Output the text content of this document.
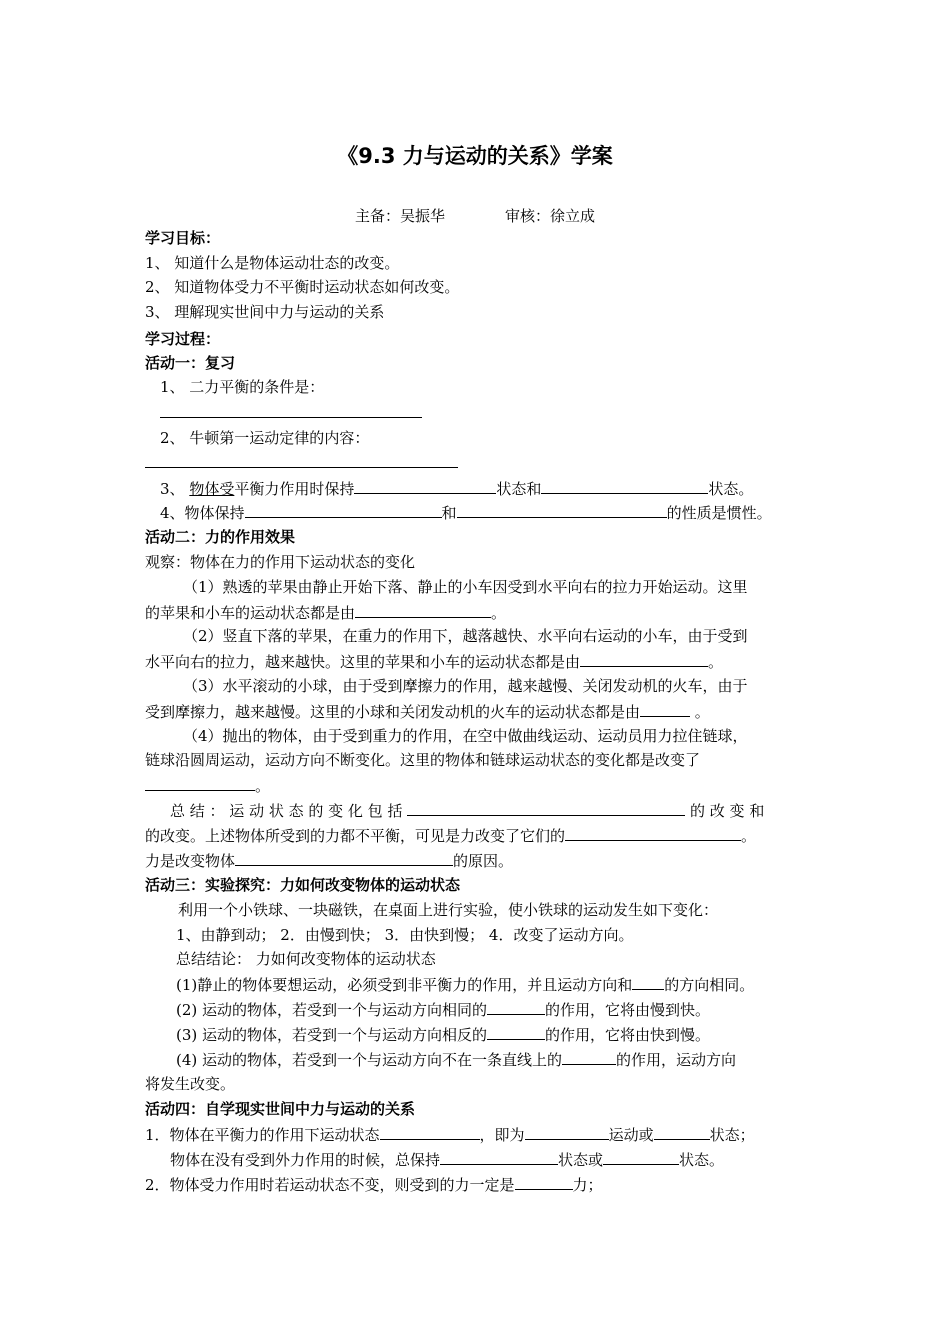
《9.3 力与运动的关系》学案
主备：吴振华	审核：徐立成
学习目标：
1、 知道什么是物体运动壮态的改变。
2、 知道物体受力不平衡时运动状态如何改变。
3、 理解现实世间中力与运动的关系
学习过程：
活动一：复习
1、 二力平衡的条件是：
2、 牛顿第一运动定律的内容：
3、 物体受平衡力作用时保持	状态和	状态。
4、物体保持	和	的性质是惯性。
活动二：力的作用效果
观察：物体在力的作用下运动状态的变化
（1）熟透的苹果由静止开始下落、静止的小车因受到水平向右的拉力开始运动。这里
的苹果和小车的运动状态都是由	。
（2）竖直下落的苹果，在重力的作用下，越落越快、水平向右运动的小车，由于受到
水平向右的拉力，越来越快。这里的苹果和小车的运动状态都是由	。
（3）水平滚动的小球，由于受到摩擦力的作用，越来越慢、关闭发动机的火车，由于
受到摩擦力，越来越慢。这里的小球和关闭发动机的火车的运动状态都是由	。
（4）抛出的物体，由于受到重力的作用，在空中做曲线运动、运动员用力拉住链球，
链球沿圆周运动，运动方向不断变化。这里的物体和链球运动状态的变化都是改变了
。
总 结 ： 运 动 状 态 的 变 化 包 括	的 改 变 和
的改变。上述物体所受到的力都不平衡，可见是力改变了它们的	。
力是改变物体	的原因。
活动三：实验探究：力如何改变物体的运动状态
利用一个小铁球、一块磁铁，在桌面上进行实验，使小铁球的运动发生如下变化：
1、由静到动； 2．由慢到快； 3．由快到慢； 4．改变了运动方向。
总结结论： 力如何改变物体的运动状态
(1)静止的物体要想运动，必须受到非平衡力的作用，并且运动方向和 的方向相同。
(2) 运动的物体，若受到一个与运动方向相同的	的作用，它将由慢到快。
(3) 运动的物体，若受到一个与运动方向相反的	的作用，它将由快到慢。
(4) 运动的物体，若受到一个与运动方向不在一条直线上的	的作用，运动方向
将发生改变。
活动四：自学现实世间中力与运动的关系
1．物体在平衡力的作用下运动状态	，即为	运动或	状态；
物体在没有受到外力作用的时候，总保持	状态或	状态。
2．物体受力作用时若运动状态不变，则受到的力一定是	力；
